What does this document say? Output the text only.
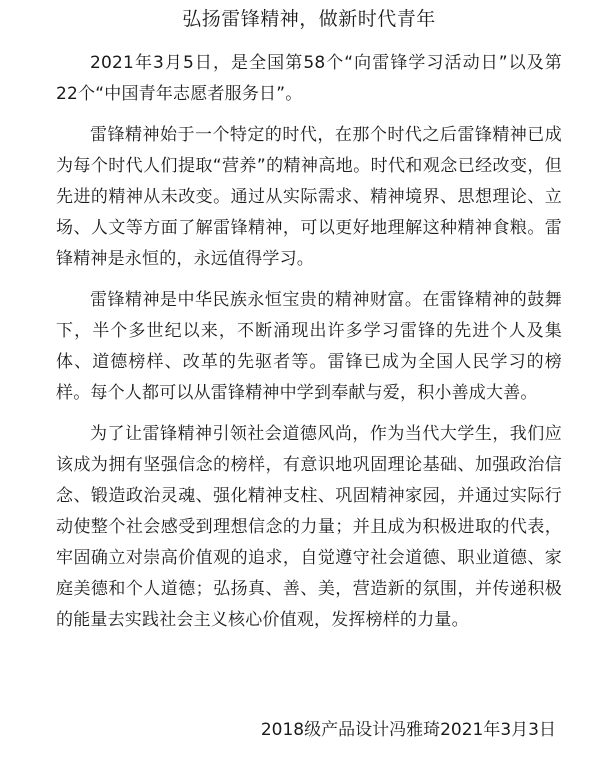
弘扬雷锋精神，做新时代青年

2021年3月5日，是全国第58个“向雷锋学习活动日”以及第22个“中国青年志愿者服务日”。

雷锋精神始于一个特定的时代，在那个时代之后雷锋精神已成为每个时代人们提取“营养”的精神高地。时代和观念已经改变，但先进的精神从未改变。通过从实际需求、精神境界、思想理论、立场、人文等方面了解雷锋精神，可以更好地理解这种精神食粮。雷锋精神是永恒的，永远值得学习。

雷锋精神是中华民族永恒宝贵的精神财富。在雷锋精神的鼓舞下，半个多世纪以来，不断涌现出许多学习雷锋的先进个人及集体、道德榜样、改革的先驱者等。雷锋已成为全国人民学习的榜样。每个人都可以从雷锋精神中学到奉献与爱，积小善成大善。

为了让雷锋精神引领社会道德风尚，作为当代大学生，我们应该成为拥有坚强信念的榜样，有意识地巩固理论基础、加强政治信念、锻造政治灵魂、强化精神支柱、巩固精神家园，并通过实际行动使整个社会感受到理想信念的力量；并且成为积极进取的代表，牢固确立对崇高价值观的追求，自觉遵守社会道德、职业道德、家庭美德和个人道德；弘扬真、善、美，营造新的氛围，并传递积极的能量去实践社会主义核心价值观，发挥榜样的力量。

2018级产品设计冯雅琦2021年3月3日
